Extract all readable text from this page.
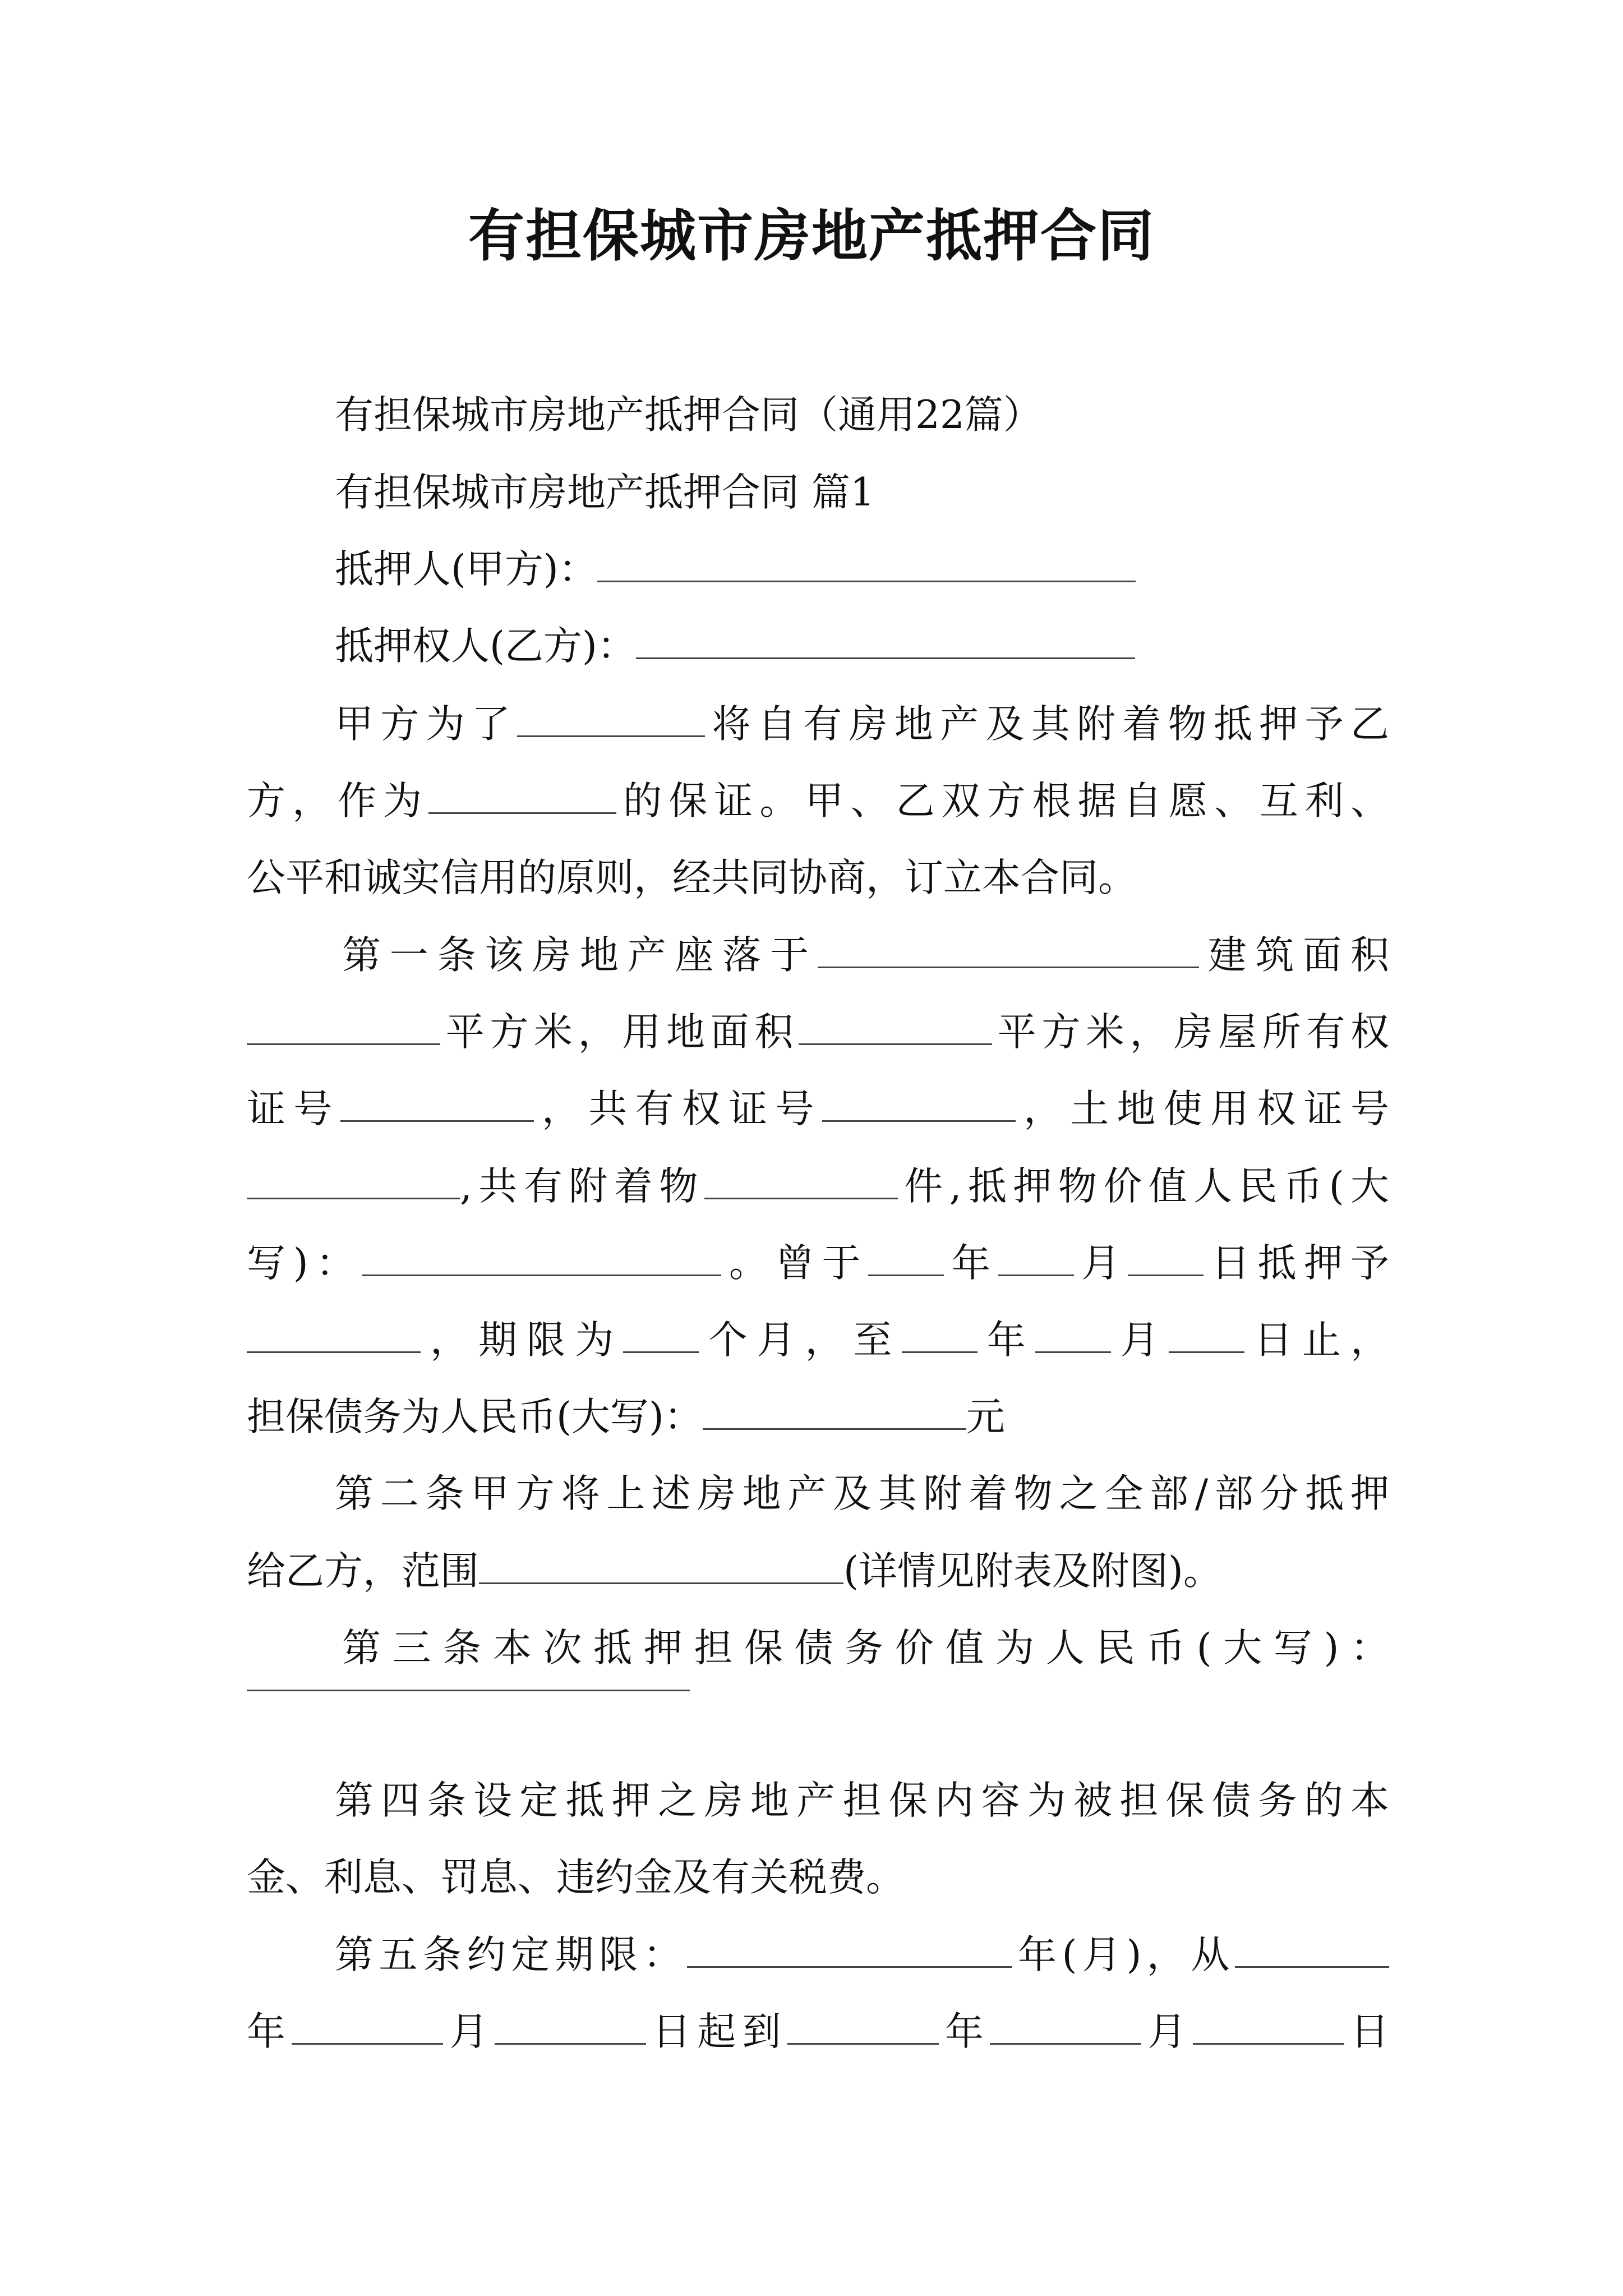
有担保城市房地产抵押合同
有担保城市房地产抵押合同（通用22篇）
有担保城市房地产抵押合同 篇1
抵押人(甲方)：
抵押权人(乙方)：
甲方为了	将自有房地产及其附着物抵押予乙
方，作为	的保证。甲、乙双方根据自愿、互利、
公平和诚实信用的原则，经共同协商，订立本合同。
第一条该房地产座落于	建筑面积
平方米，用地面积	平方米，房屋所有权
证号	，共有权证号	，土地使用权证号
,共有附着物	件,抵押物价值人民币(大
写)：	。曾于 年 月 日抵押予
，期限为 个月，至 年 月 日止，
担保债务为人民币(大写)：	元
第二条甲方将上述房地产及其附着物之全部/部分抵押
给乙方，范围	(详情见附表及附图)。
第三条本次抵押担保债务价值为人民币(大写)：
第四条设定抵押之房地产担保内容为被担保债务的本
金、利息、罚息、违约金及有关税费。
第五条约定期限：	年(月)，从
年	月	日起到	年	月	日
